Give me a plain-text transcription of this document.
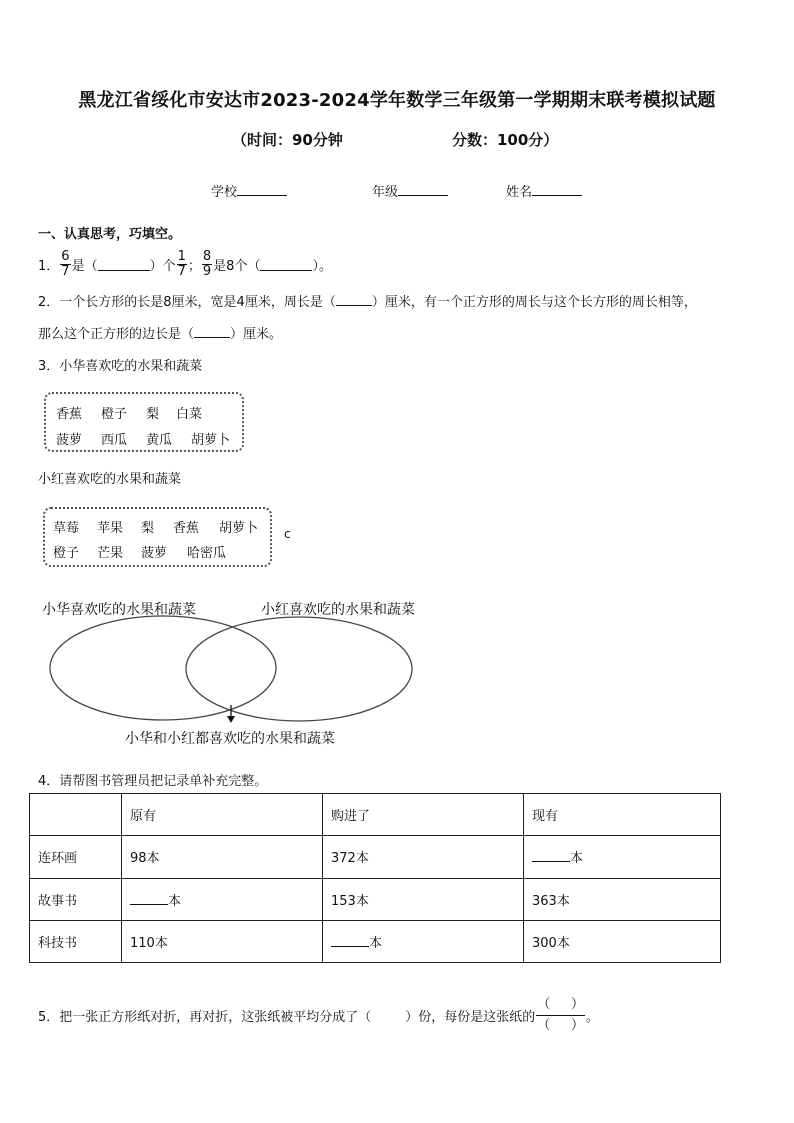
黑龙江省绥化市安达市2023-2024学年数学三年级第一学期期末联考模拟试题
（时间：90分钟	分数：100分）
学校	年级	姓名
一、认真思考，巧填空。
1． $\frac{6}{7}$ 是（	）个 $\frac{1}{7}$ ； $\frac{8}{9}$ 是8个（	）。
2．一个长方形的长是8厘米，宽是4厘米，周长是（	）厘米，有一个正方形的周长与这个长方形的周长相等，
那么这个正方形的边长是（	）厘米。
3．小华喜欢吃的水果和蔬菜
香蕉 橙子 梨 白菜
菠萝 西瓜 黄瓜 胡萝卜
小红喜欢吃的水果和蔬菜
草莓 苹果 梨 香蕉 胡萝卜
橙子 芒果 菠萝 哈密瓜
c
小华喜欢吃的水果和蔬菜	小红喜欢吃的水果和蔬菜
小华和小红都喜欢吃的水果和蔬菜
4．请帮图书管理员把记录单补充完整。
	原有	购进了	现有
连环画	98本	372本	本
故事书	本	153本	363本
科技书	110本	本	300本
5．把一张正方形纸对折，再对折，这张纸被平均分成了（	）份，每份是这张纸的 $\frac{( )}{( )}$ 。
